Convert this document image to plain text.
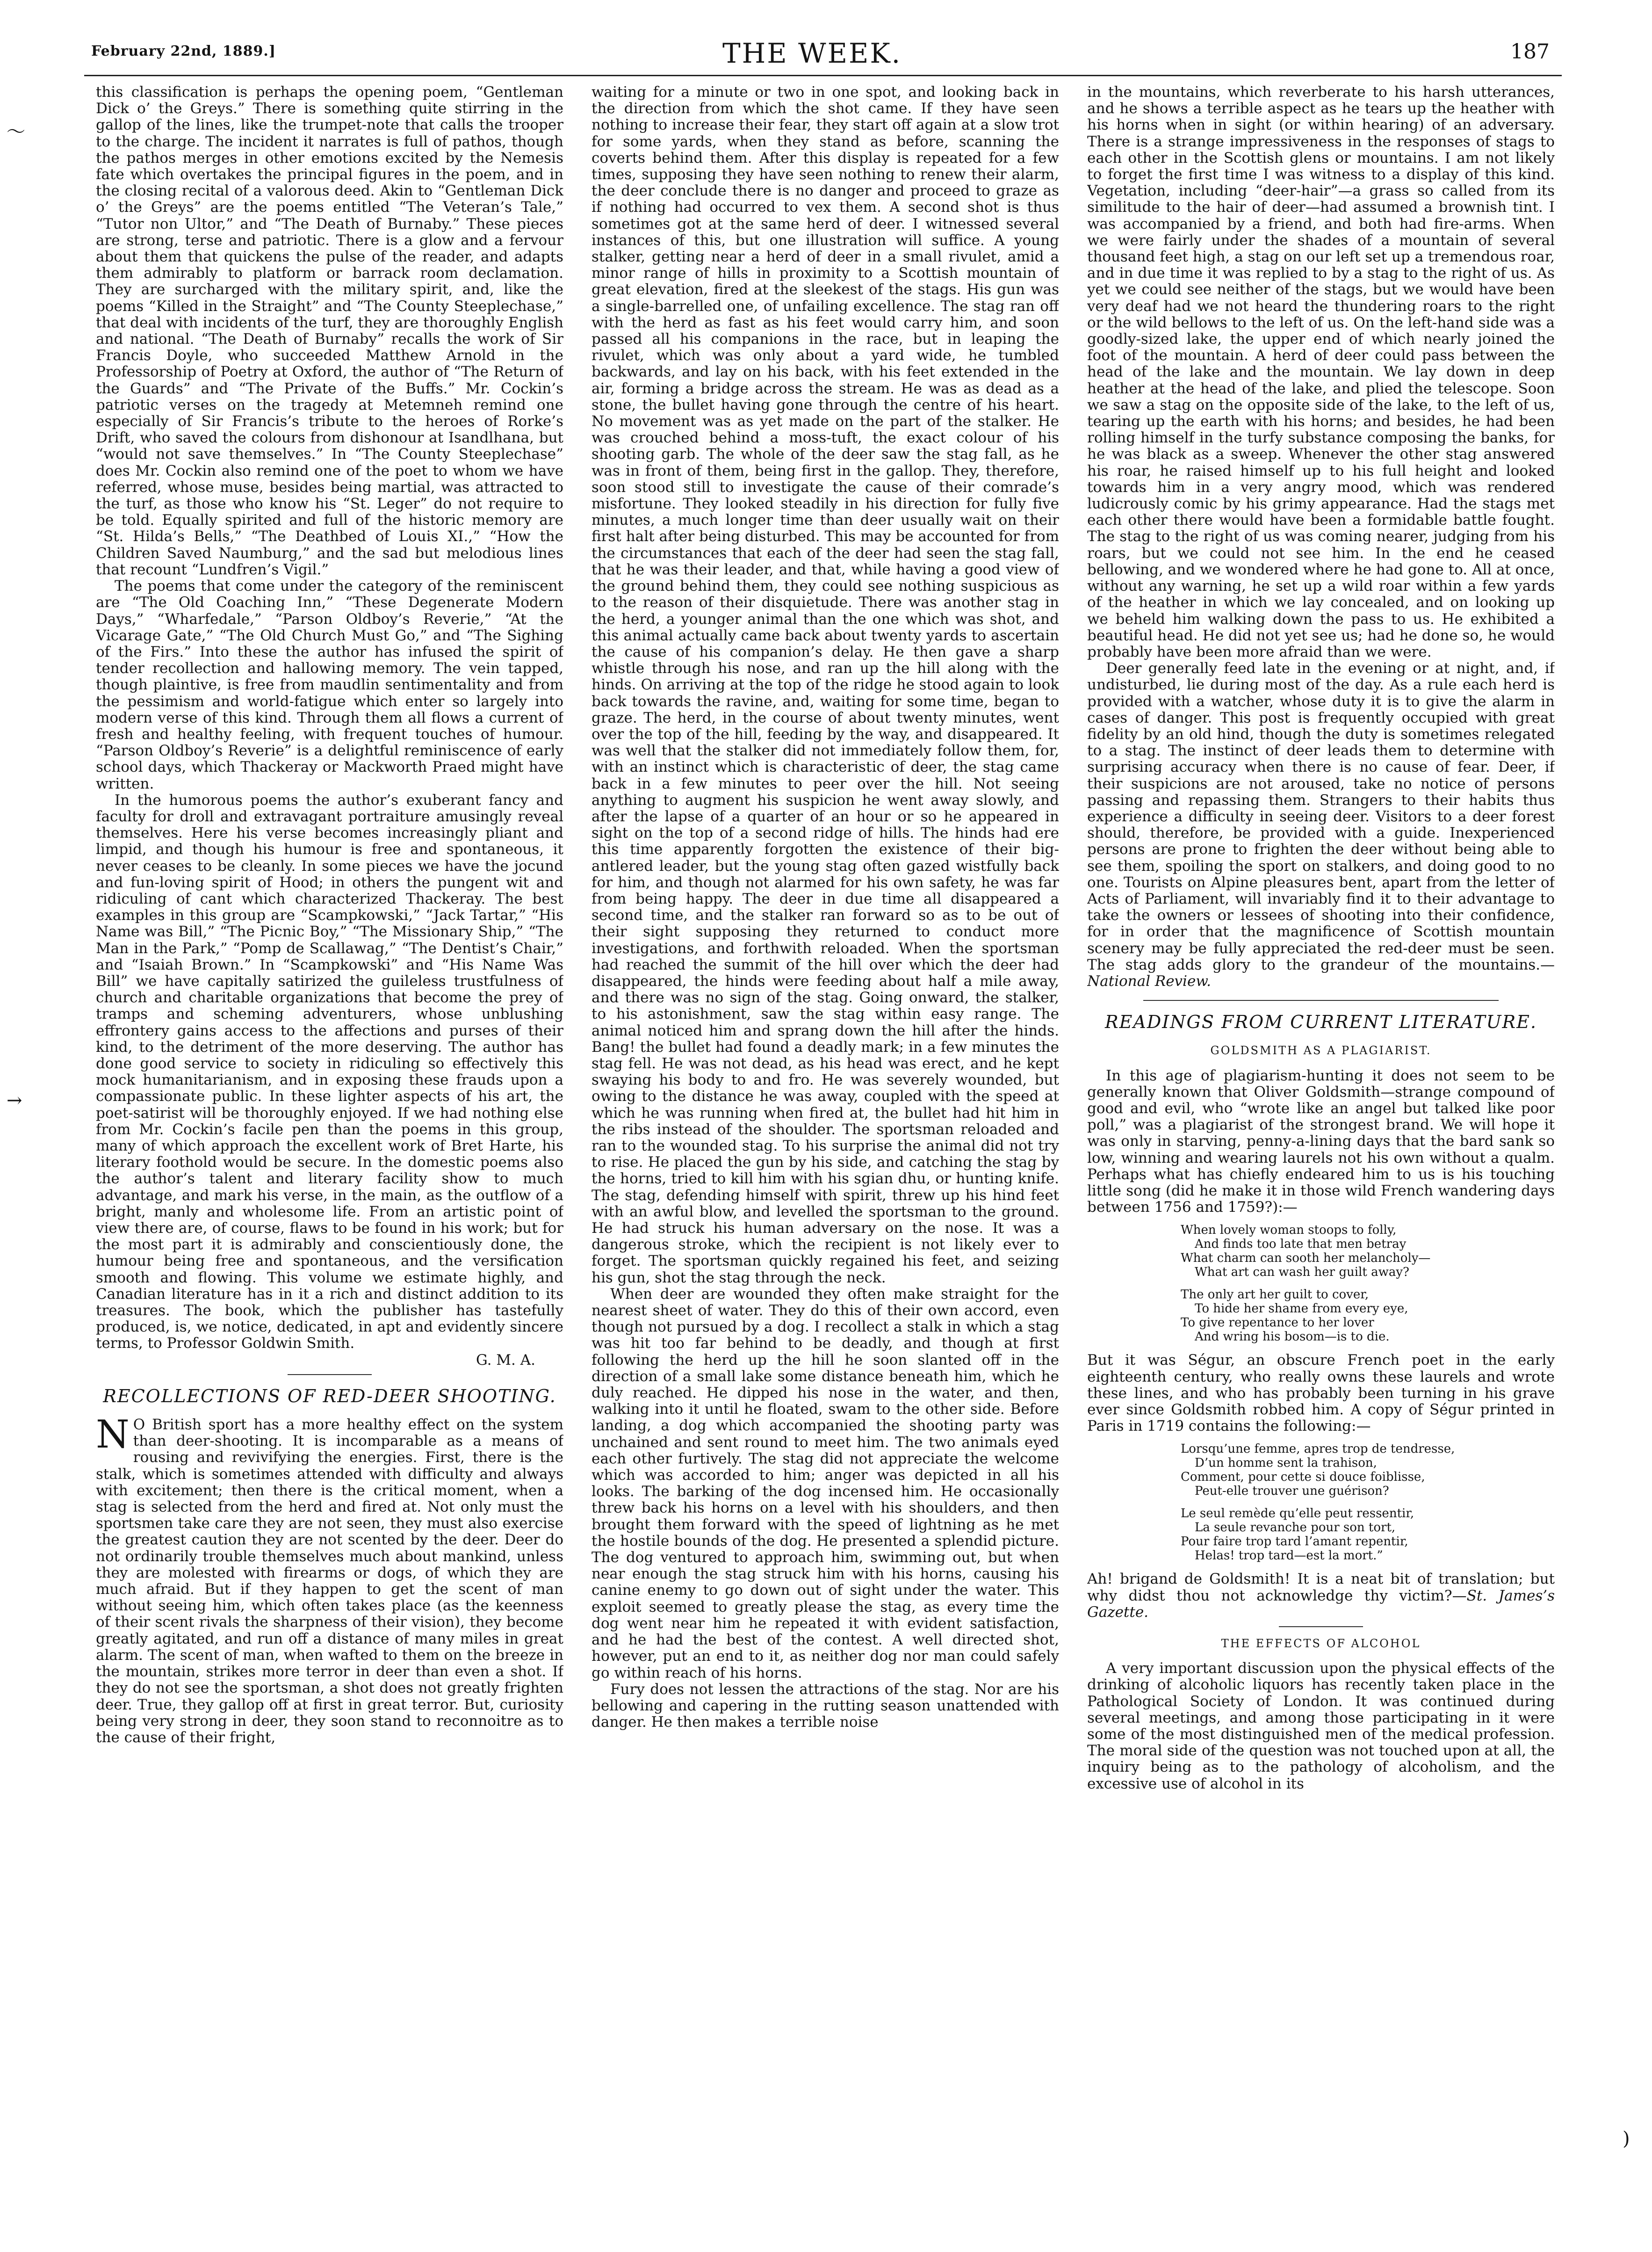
February 22nd, 1889.]	THE WEEK.	187
〜
→
)

this classification is perhaps the opening poem, “Gentleman Dick o’ the Greys.” There is something quite stirring in the gallop of the lines, like the trumpet-note that calls the trooper to the charge. The incident it narrates is full of pathos, though the pathos merges in other emotions excited by the Nemesis fate which overtakes the principal figures in the poem, and in the closing recital of a valorous deed. Akin to “Gentleman Dick o’ the Greys” are the poems entitled “The Veteran’s Tale,” “Tutor non Ultor,” and “The Death of Burnaby.” These pieces are strong, terse and patriotic. There is a glow and a fervour about them that quickens the pulse of the reader, and adapts them admirably to platform or barrack room declamation. They are surcharged with the military spirit, and, like the poems “Killed in the Straight” and “The County Steeplechase,” that deal with incidents of the turf, they are thoroughly English and national. “The Death of Burnaby” recalls the work of Sir Francis Doyle, who succeeded Matthew Arnold in the Professorship of Poetry at Oxford, the author of “The Return of the Guards” and “The Private of the Buffs.” Mr. Cockin’s patriotic verses on the tragedy at Metemneh remind one especially of Sir Francis’s tribute to the heroes of Rorke’s Drift, who saved the colours from dishonour at Isandlhana, but “would not save themselves.” In “The County Steeplechase” does Mr. Cockin also remind one of the poet to whom we have referred, whose muse, besides being martial, was attracted to the turf, as those who know his “St. Leger” do not require to be told. Equally spirited and full of the historic memory are “St. Hilda’s Bells,” “The Deathbed of Louis XI.,” “How the Children Saved Naumburg,” and the sad but melodious lines that recount “Lundfren’s Vigil.”

The poems that come under the category of the reminiscent are “The Old Coaching Inn,” “These Degenerate Modern Days,” “Wharfedale,” “Parson Oldboy’s Reverie,” “At the Vicarage Gate,” “The Old Church Must Go,” and “The Sighing of the Firs.” Into these the author has infused the spirit of tender recollection and hallowing memory. The vein tapped, though plaintive, is free from maudlin sentimentality and from the pessimism and world-fatigue which enter so largely into modern verse of this kind. Through them all flows a current of fresh and healthy feeling, with frequent touches of humour. “Parson Oldboy’s Reverie” is a delightful reminiscence of early school days, which Thackeray or Mackworth Praed might have written.

In the humorous poems the author’s exuberant fancy and faculty for droll and extravagant portraiture amusingly reveal themselves. Here his verse becomes increasingly pliant and limpid, and though his humour is free and spontaneous, it never ceases to be cleanly. In some pieces we have the jocund and fun-loving spirit of Hood; in others the pungent wit and ridiculing of cant which characterized Thackeray. The best examples in this group are “Scampkowski,” “Jack Tartar,” “His Name was Bill,” “The Picnic Boy,” “The Missionary Ship,” “The Man in the Park,” “Pomp de Scallawag,” “The Dentist’s Chair,” and “Isaiah Brown.” In “Scampkowski” and “His Name Was Bill” we have capitally satirized the guileless trustfulness of church and charitable organizations that become the prey of tramps and scheming adventurers, whose unblushing effrontery gains access to the affections and purses of their kind, to the detriment of the more deserving. The author has done good service to society in ridiculing so effectively this mock humanitarianism, and in exposing these frauds upon a compassionate public. In these lighter aspects of his art, the poet-satirist will be thoroughly enjoyed. If we had nothing else from Mr. Cockin’s facile pen than the poems in this group, many of which approach the excellent work of Bret Harte, his literary foothold would be secure. In the domestic poems also the author’s talent and literary facility show to much advantage, and mark his verse, in the main, as the outflow of a bright, manly and wholesome life. From an artistic point of view there are, of course, flaws to be found in his work; but for the most part it is admirably and conscientiously done, the humour being free and spontaneous, and the versification smooth and flowing. This volume we estimate highly, and Canadian literature has in it a rich and distinct addition to its treasures. The book, which the publisher has tastefully produced, is, we notice, dedicated, in apt and evidently sincere terms, to Professor Goldwin Smith.

G. M. A.

RECOLLECTIONS OF RED-DEER SHOOTING.

N O British sport has a more healthy effect on the system than deer-shooting. It is incomparable as a means of rousing and revivifying the energies. First, there is the stalk, which is sometimes attended with difficulty and always with excitement; then there is the critical moment, when a stag is selected from the herd and fired at. Not only must the sportsmen take care they are not seen, they must also exercise the greatest caution they are not scented by the deer. Deer do not ordinarily trouble themselves much about mankind, unless they are molested with firearms or dogs, of which they are much afraid. But if they happen to get the scent of man without seeing him, which often takes place (as the keenness of their scent rivals the sharpness of their vision), they become greatly agitated, and run off a distance of many miles in great alarm. The scent of man, when wafted to them on the breeze in the mountain, strikes more terror in deer than even a shot. If they do not see the sportsman, a shot does not greatly frighten deer. True, they gallop off at first in great terror. But, curiosity being very strong in deer, they soon stand to reconnoitre as to the cause of their fright,

waiting for a minute or two in one spot, and looking back in the direction from which the shot came. If they have seen nothing to increase their fear, they start off again at a slow trot for some yards, when they stand as before, scanning the coverts behind them. After this display is repeated for a few times, supposing they have seen nothing to renew their alarm, the deer conclude there is no danger and proceed to graze as if nothing had occurred to vex them. A second shot is thus sometimes got at the same herd of deer. I witnessed several instances of this, but one illustration will suffice. A young stalker, getting near a herd of deer in a small rivulet, amid a minor range of hills in proximity to a Scottish mountain of great elevation, fired at the sleekest of the stags. His gun was a single-barrelled one, of unfailing excellence. The stag ran off with the herd as fast as his feet would carry him, and soon passed all his companions in the race, but in leaping the rivulet, which was only about a yard wide, he tumbled backwards, and lay on his back, with his feet extended in the air, forming a bridge across the stream. He was as dead as a stone, the bullet having gone through the centre of his heart. No movement was as yet made on the part of the stalker. He was crouched behind a moss-tuft, the exact colour of his shooting garb. The whole of the deer saw the stag fall, as he was in front of them, being first in the gallop. They, therefore, soon stood still to investigate the cause of their comrade’s misfortune. They looked steadily in his direction for fully five minutes, a much longer time than deer usually wait on their first halt after being disturbed. This may be accounted for from the circumstances that each of the deer had seen the stag fall, that he was their leader, and that, while having a good view of the ground behind them, they could see nothing suspicious as to the reason of their disquietude. There was another stag in the herd, a younger animal than the one which was shot, and this animal actually came back about twenty yards to ascertain the cause of his companion’s delay. He then gave a sharp whistle through his nose, and ran up the hill along with the hinds. On arriving at the top of the ridge he stood again to look back towards the ravine, and, waiting for some time, began to graze. The herd, in the course of about twenty minutes, went over the top of the hill, feeding by the way, and disappeared. It was well that the stalker did not immediately follow them, for, with an instinct which is characteristic of deer, the stag came back in a few minutes to peer over the hill. Not seeing anything to augment his suspicion he went away slowly, and after the lapse of a quarter of an hour or so he appeared in sight on the top of a second ridge of hills. The hinds had ere this time apparently forgotten the existence of their big-antlered leader, but the young stag often gazed wistfully back for him, and though not alarmed for his own safety, he was far from being happy. The deer in due time all disappeared a second time, and the stalker ran forward so as to be out of their sight supposing they returned to conduct more investigations, and forthwith reloaded. When the sportsman had reached the summit of the hill over which the deer had disappeared, the hinds were feeding about half a mile away, and there was no sign of the stag. Going onward, the stalker, to his astonishment, saw the stag within easy range. The animal noticed him and sprang down the hill after the hinds. Bang! the bullet had found a deadly mark; in a few minutes the stag fell. He was not dead, as his head was erect, and he kept swaying his body to and fro. He was severely wounded, but owing to the distance he was away, coupled with the speed at which he was running when fired at, the bullet had hit him in the ribs instead of the shoulder. The sportsman reloaded and ran to the wounded stag. To his surprise the animal did not try to rise. He placed the gun by his side, and catching the stag by the horns, tried to kill him with his sgian dhu, or hunting knife. The stag, defending himself with spirit, threw up his hind feet with an awful blow, and levelled the sportsman to the ground. He had struck his human adversary on the nose. It was a dangerous stroke, which the recipient is not likely ever to forget. The sportsman quickly regained his feet, and seizing his gun, shot the stag through the neck.

When deer are wounded they often make straight for the nearest sheet of water. They do this of their own accord, even though not pursued by a dog. I recollect a stalk in which a stag was hit too far behind to be deadly, and though at first following the herd up the hill he soon slanted off in the direction of a small lake some distance beneath him, which he duly reached. He dipped his nose in the water, and then, walking into it until he floated, swam to the other side. Before landing, a dog which accompanied the shooting party was unchained and sent round to meet him. The two animals eyed each other furtively. The stag did not appreciate the welcome which was accorded to him; anger was depicted in all his looks. The barking of the dog incensed him. He occasionally threw back his horns on a level with his shoulders, and then brought them forward with the speed of lightning as he met the hostile bounds of the dog. He presented a splendid picture. The dog ventured to approach him, swimming out, but when near enough the stag struck him with his horns, causing his canine enemy to go down out of sight under the water. This exploit seemed to greatly please the stag, as every time the dog went near him he repeated it with evident satisfaction, and he had the best of the contest. A well directed shot, however, put an end to it, as neither dog nor man could safely go within reach of his horns.

Fury does not lessen the attractions of the stag. Nor are his bellowing and capering in the rutting season unattended with danger. He then makes a terrible noise

in the mountains, which reverberate to his harsh utterances, and he shows a terrible aspect as he tears up the heather with his horns when in sight (or within hearing) of an adversary. There is a strange impressiveness in the responses of stags to each other in the Scottish glens or mountains. I am not likely to forget the first time I was witness to a display of this kind. Vegetation, including “deer-hair”—a grass so called from its similitude to the hair of deer—had assumed a brownish tint. I was accompanied by a friend, and both had fire-arms. When we were fairly under the shades of a mountain of several thousand feet high, a stag on our left set up a tremendous roar, and in due time it was replied to by a stag to the right of us. As yet we could see neither of the stags, but we would have been very deaf had we not heard the thundering roars to the right or the wild bellows to the left of us. On the left-hand side was a goodly-sized lake, the upper end of which nearly joined the foot of the mountain. A herd of deer could pass between the head of the lake and the mountain. We lay down in deep heather at the head of the lake, and plied the telescope. Soon we saw a stag on the opposite side of the lake, to the left of us, tearing up the earth with his horns; and besides, he had been rolling himself in the turfy substance composing the banks, for he was black as a sweep. Whenever the other stag answered his roar, he raised himself up to his full height and looked towards him in a very angry mood, which was rendered ludicrously comic by his grimy appearance. Had the stags met each other there would have been a formidable battle fought. The stag to the right of us was coming nearer, judging from his roars, but we could not see him. In the end he ceased bellowing, and we wondered where he had gone to. All at once, without any warning, he set up a wild roar within a few yards of the heather in which we lay concealed, and on looking up we beheld him walking down the pass to us. He exhibited a beautiful head. He did not yet see us; had he done so, he would probably have been more afraid than we were.

Deer generally feed late in the evening or at night, and, if undisturbed, lie during most of the day. As a rule each herd is provided with a watcher, whose duty it is to give the alarm in cases of danger. This post is frequently occupied with great fidelity by an old hind, though the duty is sometimes relegated to a stag. The instinct of deer leads them to determine with surprising accuracy when there is no cause of fear. Deer, if their suspicions are not aroused, take no notice of persons passing and repassing them. Strangers to their habits thus experience a difficulty in seeing deer. Visitors to a deer forest should, therefore, be provided with a guide. Inexperienced persons are prone to frighten the deer without being able to see them, spoiling the sport on stalkers, and doing good to no one. Tourists on Alpine pleasures bent, apart from the letter of Acts of Parliament, will invariably find it to their advantage to take the owners or lessees of shooting into their confidence, for in order that the magnificence of Scottish mountain scenery may be fully appreciated the red-deer must be seen. The stag adds glory to the grandeur of the mountains.—National Review.

READINGS FROM CURRENT LITERATURE.
GOLDSMITH AS A PLAGIARIST.

In this age of plagiarism-hunting it does not seem to be generally known that Oliver Goldsmith—strange compound of good and evil, who “wrote like an angel but talked like poor poll,” was a plagiarist of the strongest brand. We will hope it was only in starving, penny-a-lining days that the bard sank so low, winning and wearing laurels not his own without a qualm. Perhaps what has chiefly endeared him to us is his touching little song (did he make it in those wild French wandering days between 1756 and 1759?):—

When lovely woman stoops to folly,
And finds too late that men betray
What charm can sooth her melancholy—
What art can wash her guilt away?
The only art her guilt to cover,
To hide her shame from every eye,
To give repentance to her lover
And wring his bosom—is to die.

But it was Ségur, an obscure French poet in the early eighteenth century, who really owns these laurels and wrote these lines, and who has probably been turning in his grave ever since Goldsmith robbed him. A copy of Ségur printed in Paris in 1719 contains the following:—

Lorsqu’une femme, apres trop de tendresse,
D’un homme sent la trahison,
Comment, pour cette si douce foiblisse,
Peut-elle trouver une guérison?
Le seul remède qu’elle peut ressentir,
La seule revanche pour son tort,
Pour faire trop tard l’amant repentir,
Helas! trop tard—est la mort.”

Ah! brigand de Goldsmith! It is a neat bit of translation; but why didst thou not acknowledge thy victim?—St. James’s Gazette.

THE EFFECTS OF ALCOHOL

A very important discussion upon the physical effects of the drinking of alcoholic liquors has recently taken place in the Pathological Society of London. It was continued during several meetings, and among those participating in it were some of the most distinguished men of the medical profession. The moral side of the question was not touched upon at all, the inquiry being as to the pathology of alcoholism, and the excessive use of alcohol in its
